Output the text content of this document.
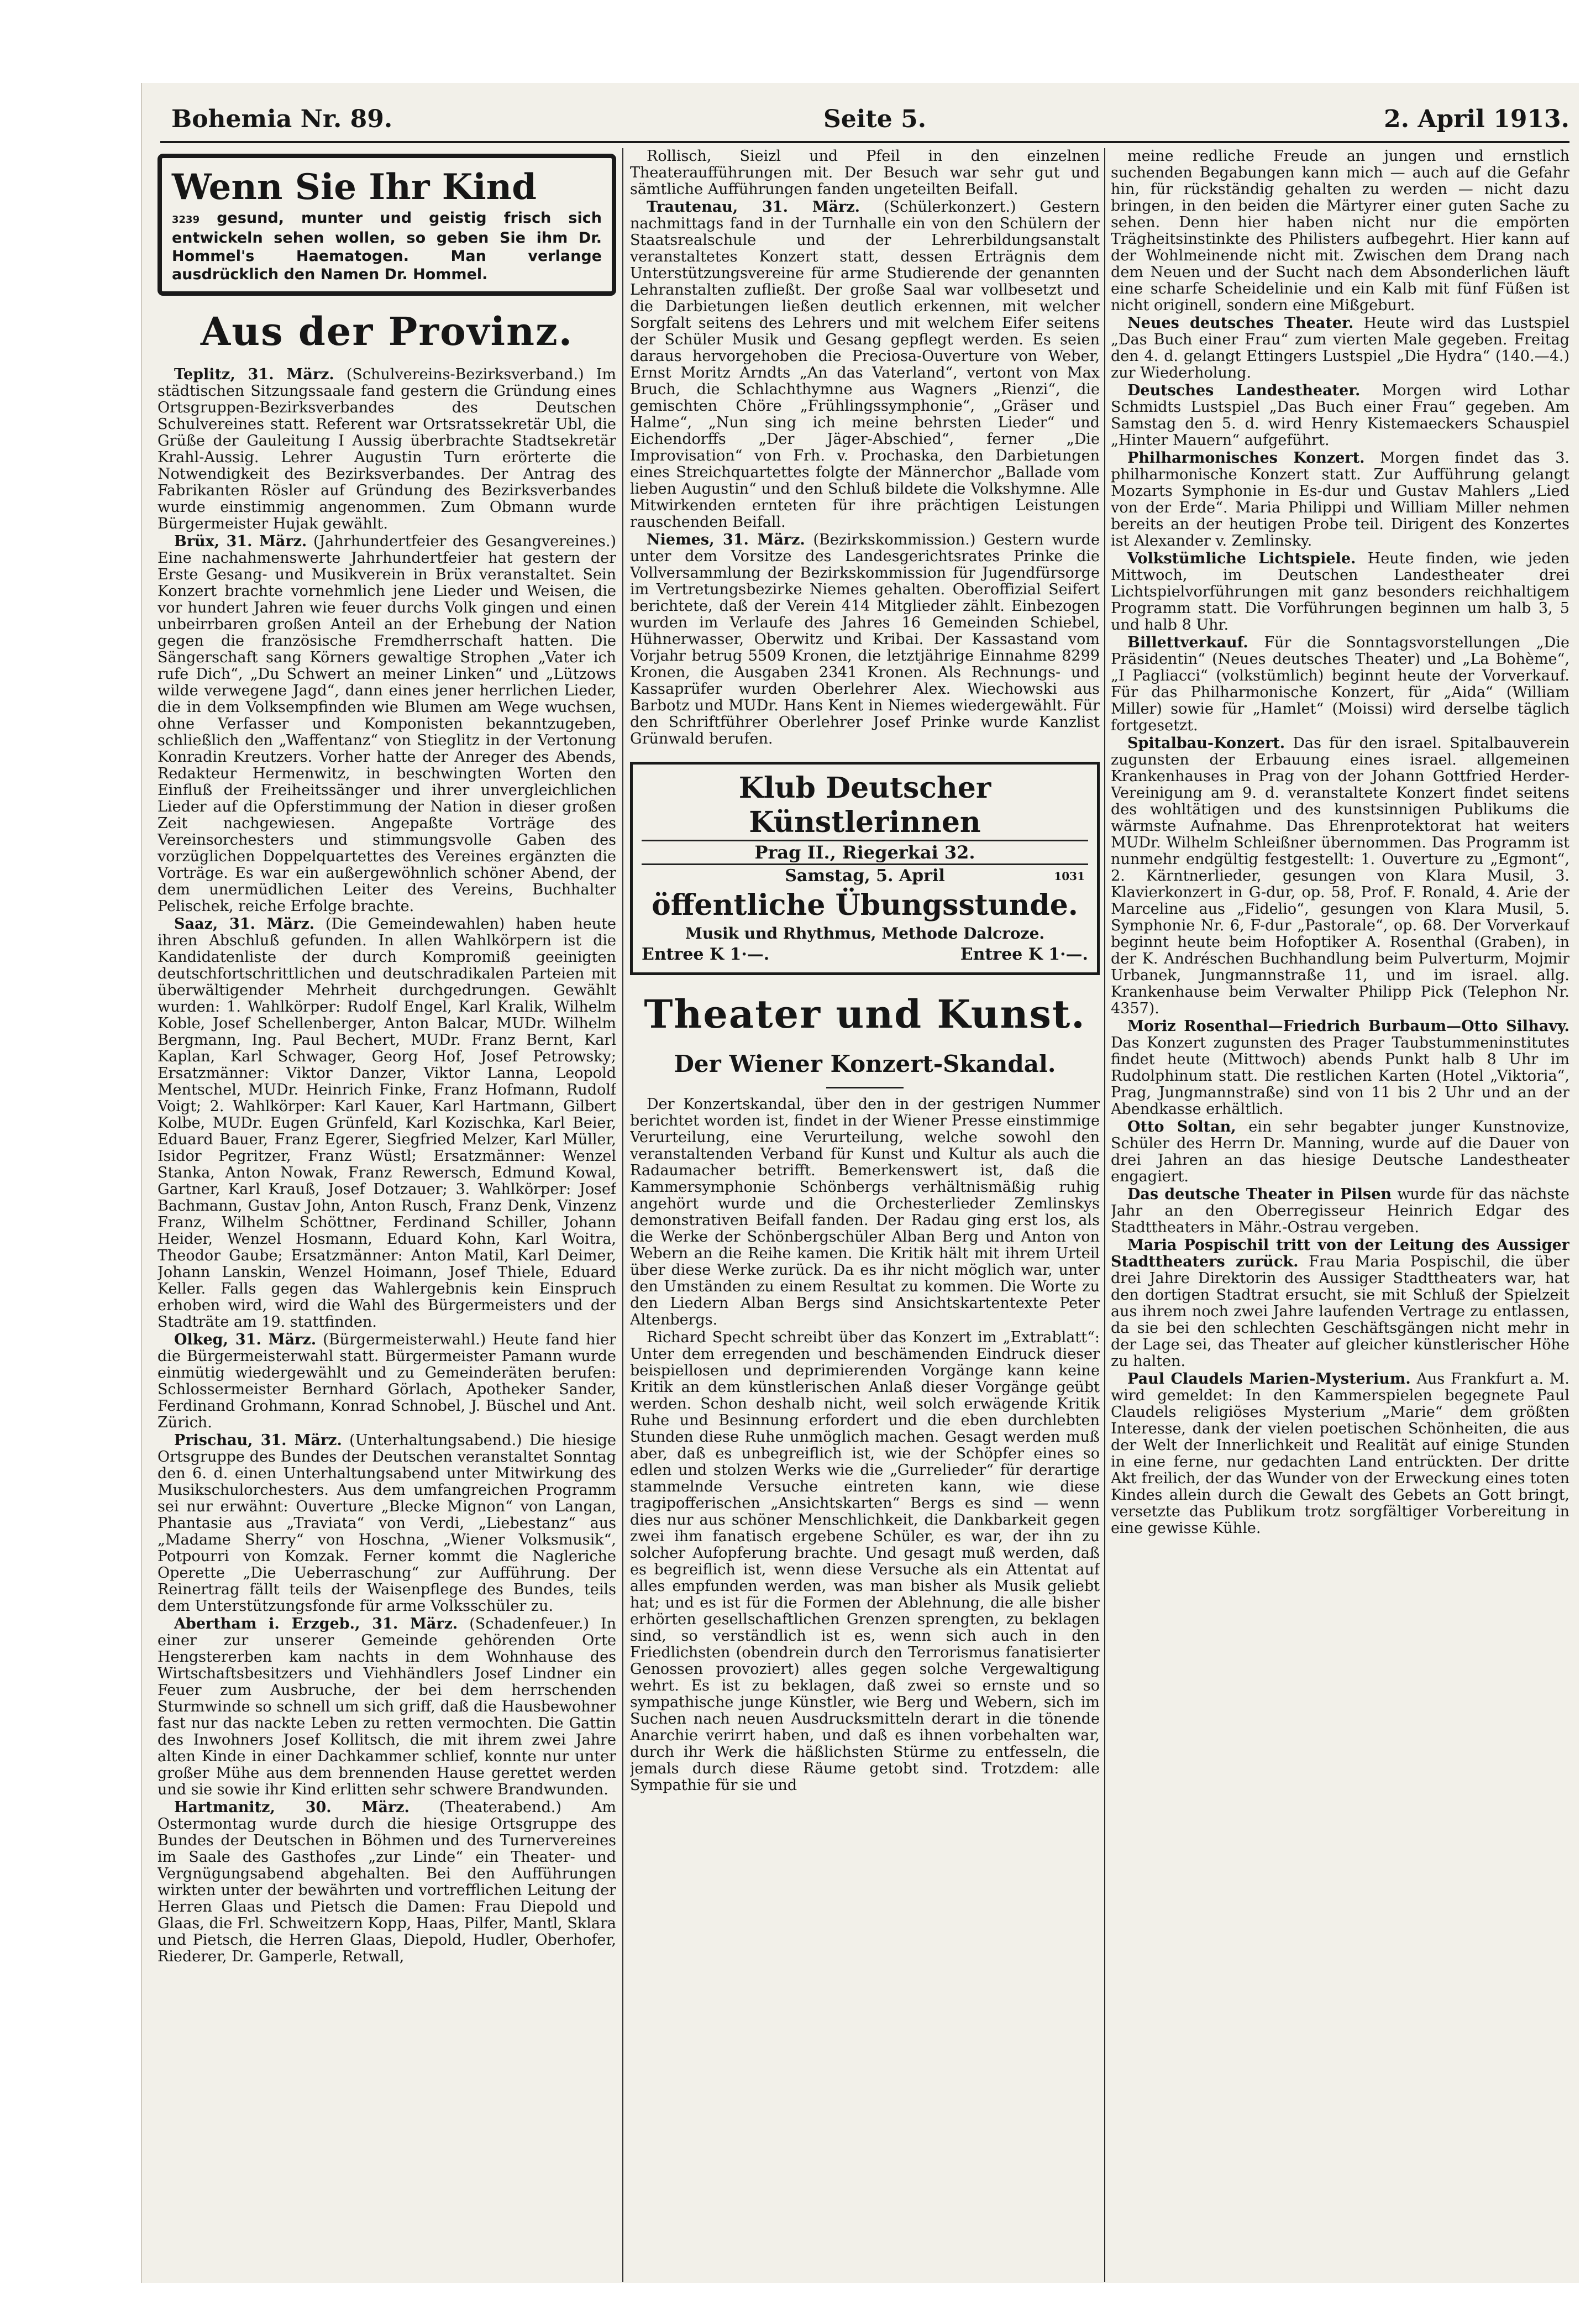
Bohemia Nr. 89.	Seite 5.	2. April 1913.
Wenn Sie Ihr Kind
3239 gesund, munter und geistig frisch sich entwickeln sehen wollen, so geben Sie ihm Dr. Hommel's Haematogen. Man verlange ausdrücklich den Namen Dr. Hommel.
Aus der Provinz.

Teplitz, 31. März. (Schulvereins-Bezirksverband.) Im städtischen Sitzungssaale fand gestern die Gründung eines Ortsgruppen-Bezirksverbandes des Deutschen Schulvereines statt. Referent war Ortsratssekretär Ubl, die Grüße der Gauleitung I Aussig überbrachte Stadtsekretär Krahl-Aussig. Lehrer Augustin Turn erörterte die Notwendigkeit des Bezirksverbandes. Der Antrag des Fabrikanten Rösler auf Gründung des Bezirksverbandes wurde einstimmig angenommen. Zum Obmann wurde Bürgermeister Hujak gewählt.

Brüx, 31. März. (Jahrhundertfeier des Gesangvereines.) Eine nachahmenswerte Jahrhundertfeier hat gestern der Erste Gesang- und Musikverein in Brüx veranstaltet. Sein Konzert brachte vornehmlich jene Lieder und Weisen, die vor hundert Jahren wie feuer durchs Volk gingen und einen unbeirrbaren großen Anteil an der Erhebung der Nation gegen die französische Fremdherrschaft hatten. Die Sängerschaft sang Körners gewaltige Strophen „Vater ich rufe Dich“, „Du Schwert an meiner Linken“ und „Lützows wilde verwegene Jagd“, dann eines jener herrlichen Lieder, die in dem Volksempfinden wie Blumen am Wege wuchsen, ohne Verfasser und Komponisten bekanntzugeben, schließlich den „Waffentanz“ von Stieglitz in der Vertonung Konradin Kreutzers. Vorher hatte der Anreger des Abends, Redakteur Hermenwitz, in beschwingten Worten den Einfluß der Freiheitssänger und ihrer unvergleichlichen Lieder auf die Opferstimmung der Nation in dieser großen Zeit nachgewiesen. Angepaßte Vorträge des Vereinsorchesters und stimmungsvolle Gaben des vorzüglichen Doppelquartettes des Vereines ergänzten die Vorträge. Es war ein außergewöhnlich schöner Abend, der dem unermüdlichen Leiter des Vereins, Buchhalter Pelischek, reiche Erfolge brachte.

Saaz, 31. März. (Die Gemeindewahlen) haben heute ihren Abschluß gefunden. In allen Wahlkörpern ist die Kandidatenliste der durch Kompromiß geeinigten deutschfortschrittlichen und deutschradikalen Parteien mit überwältigender Mehrheit durchgedrungen. Gewählt wurden: 1. Wahlkörper: Rudolf Engel, Karl Kralik, Wilhelm Koble, Josef Schellenberger, Anton Balcar, MUDr. Wilhelm Bergmann, Ing. Paul Bechert, MUDr. Franz Bernt, Karl Kaplan, Karl Schwager, Georg Hof, Josef Petrowsky; Ersatzmänner: Viktor Danzer, Viktor Lanna, Leopold Mentschel, MUDr. Heinrich Finke, Franz Hofmann, Rudolf Voigt; 2. Wahlkörper: Karl Kauer, Karl Hartmann, Gilbert Kolbe, MUDr. Eugen Grünfeld, Karl Kozischka, Karl Beier, Eduard Bauer, Franz Egerer, Siegfried Melzer, Karl Müller, Isidor Pegritzer, Franz Wüstl; Ersatzmänner: Wenzel Stanka, Anton Nowak, Franz Rewersch, Edmund Kowal, Gartner, Karl Krauß, Josef Dotzauer; 3. Wahlkörper: Josef Bachmann, Gustav John, Anton Rusch, Franz Denk, Vinzenz Franz, Wilhelm Schöttner, Ferdinand Schiller, Johann Heider, Wenzel Hosmann, Eduard Kohn, Karl Woitra, Theodor Gaube; Ersatzmänner: Anton Matil, Karl Deimer, Johann Lanskin, Wenzel Hoimann, Josef Thiele, Eduard Keller. Falls gegen das Wahlergebnis kein Einspruch erhoben wird, wird die Wahl des Bürgermeisters und der Stadträte am 19. stattfinden.

Olkeg, 31. März. (Bürgermeisterwahl.) Heute fand hier die Bürgermeisterwahl statt. Bürgermeister Pamann wurde einmütig wiedergewählt und zu Gemeinderäten berufen: Schlossermeister Bernhard Görlach, Apotheker Sander, Ferdinand Grohmann, Konrad Schnobel, J. Büschel und Ant. Zürich.

Prischau, 31. März. (Unterhaltungsabend.) Die hiesige Ortsgruppe des Bundes der Deutschen veranstaltet Sonntag den 6. d. einen Unterhaltungsabend unter Mitwirkung des Musikschulorchesters. Aus dem umfangreichen Programm sei nur erwähnt: Ouverture „Blecke Mignon“ von Langan, Phantasie aus „Traviata“ von Verdi, „Liebestanz“ aus „Madame Sherry“ von Hoschna, „Wiener Volksmusik“, Potpourri von Komzak. Ferner kommt die Nagleriche Operette „Die Ueberraschung“ zur Aufführung. Der Reinertrag fällt teils der Waisenpflege des Bundes, teils dem Unterstützungsfonde für arme Volksschüler zu.

Abertham i. Erzgeb., 31. März. (Schadenfeuer.) In einer zur unserer Gemeinde gehörenden Orte Hengstererben kam nachts in dem Wohnhause des Wirtschaftsbesitzers und Viehhändlers Josef Lindner ein Feuer zum Ausbruche, der bei dem herrschenden Sturmwinde so schnell um sich griff, daß die Hausbewohner fast nur das nackte Leben zu retten vermochten. Die Gattin des Inwohners Josef Kollitsch, die mit ihrem zwei Jahre alten Kinde in einer Dachkammer schlief, konnte nur unter großer Mühe aus dem brennenden Hause gerettet werden und sie sowie ihr Kind erlitten sehr schwere Brandwunden.

Hartmanitz, 30. März. (Theaterabend.) Am Ostermontag wurde durch die hiesige Ortsgruppe des Bundes der Deutschen in Böhmen und des Turnervereines im Saale des Gasthofes „zur Linde“ ein Theater- und Vergnügungsabend abgehalten. Bei den Aufführungen wirkten unter der bewährten und vortrefflichen Leitung der Herren Glaas und Pietsch die Damen: Frau Diepold und Glaas, die Frl. Schweitzern Kopp, Haas, Pilfer, Mantl, Sklara und Pietsch, die Herren Glaas, Diepold, Hudler, Oberhofer, Riederer, Dr. Gamperle, Retwall,

Rollisch, Sieizl und Pfeil in den einzelnen Theateraufführungen mit. Der Besuch war sehr gut und sämtliche Aufführungen fanden ungeteilten Beifall.

Trautenau, 31. März. (Schülerkonzert.) Gestern nachmittags fand in der Turnhalle ein von den Schülern der Staatsrealschule und der Lehrerbildungsanstalt veranstaltetes Konzert statt, dessen Erträgnis dem Unterstützungsvereine für arme Studierende der genannten Lehranstalten zufließt. Der große Saal war vollbesetzt und die Darbietungen ließen deutlich erkennen, mit welcher Sorgfalt seitens des Lehrers und mit welchem Eifer seitens der Schüler Musik und Gesang gepflegt werden. Es seien daraus hervorgehoben die Preciosa-Ouverture von Weber, Ernst Moritz Arndts „An das Vaterland“, vertont von Max Bruch, die Schlachthymne aus Wagners „Rienzi“, die gemischten Chöre „Frühlingssymphonie“, „Gräser und Halme“, „Nun sing ich meine behrsten Lieder“ und Eichendorffs „Der Jäger-Abschied“, ferner „Die Improvisation“ von Frh. v. Prochaska, den Darbietungen eines Streichquartettes folgte der Männerchor „Ballade vom lieben Augustin“ und den Schluß bildete die Volkshymne. Alle Mitwirkenden ernteten für ihre prächtigen Leistungen rauschenden Beifall.

Niemes, 31. März. (Bezirkskommission.) Gestern wurde unter dem Vorsitze des Landesgerichtsrates Prinke die Vollversammlung der Bezirkskommission für Jugendfürsorge im Vertretungsbezirke Niemes gehalten. Oberoffizial Seifert berichtete, daß der Verein 414 Mitglieder zählt. Einbezogen wurden im Verlaufe des Jahres 16 Gemeinden Schiebel, Hühnerwasser, Oberwitz und Kribai. Der Kassastand vom Vorjahr betrug 5509 Kronen, die letztjährige Einnahme 8299 Kronen, die Ausgaben 2341 Kronen. Als Rechnungs- und Kassaprüfer wurden Oberlehrer Alex. Wiechowski aus Barbotz und MUDr. Hans Kent in Niemes wiedergewählt. Für den Schriftführer Oberlehrer Josef Prinke wurde Kanzlist Grünwald berufen.

Klub Deutscher Künstlerinnen
Prag II., Riegerkai 32.
Samstag, 5. April	1031
öffentliche Übungsstunde.
Musik und Rhythmus, Methode Dalcroze.
Entree K 1·—.	Entree K 1·—.
Theater und Kunst.
Der Wiener Konzert-Skandal.

Der Konzertskandal, über den in der gestrigen Nummer berichtet worden ist, findet in der Wiener Presse einstimmige Verurteilung, eine Verurteilung, welche sowohl den veranstaltenden Verband für Kunst und Kultur als auch die Radaumacher betrifft. Bemerkenswert ist, daß die Kammersymphonie Schönbergs verhältnismäßig ruhig angehört wurde und die Orchesterlieder Zemlinskys demonstrativen Beifall fanden. Der Radau ging erst los, als die Werke der Schönbergschüler Alban Berg und Anton von Webern an die Reihe kamen. Die Kritik hält mit ihrem Urteil über diese Werke zurück. Da es ihr nicht möglich war, unter den Umständen zu einem Resultat zu kommen. Die Worte zu den Liedern Alban Bergs sind Ansichtskartentexte Peter Altenbergs.

Richard Specht schreibt über das Konzert im „Extrablatt“: Unter dem erregenden und beschämenden Eindruck dieser beispiellosen und deprimierenden Vorgänge kann keine Kritik an dem künstlerischen Anlaß dieser Vorgänge geübt werden. Schon deshalb nicht, weil solch erwägende Kritik Ruhe und Besinnung erfordert und die eben durchlebten Stunden diese Ruhe unmöglich machen. Gesagt werden muß aber, daß es unbegreiflich ist, wie der Schöpfer eines so edlen und stolzen Werks wie die „Gurrelieder“ für derartige stammelnde Versuche eintreten kann, wie diese tragipofferischen „Ansichtskarten“ Bergs es sind — wenn dies nur aus schöner Menschlichkeit, die Dankbarkeit gegen zwei ihm fanatisch ergebene Schüler, es war, der ihn zu solcher Aufopferung brachte. Und gesagt muß werden, daß es begreiflich ist, wenn diese Versuche als ein Attentat auf alles empfunden werden, was man bisher als Musik geliebt hat; und es ist für die Formen der Ablehnung, die alle bisher erhörten gesellschaftlichen Grenzen sprengten, zu beklagen sind, so verständlich ist es, wenn sich auch in den Friedlichsten (obendrein durch den Terrorismus fanatisierter Genossen provoziert) alles gegen solche Vergewaltigung wehrt. Es ist zu beklagen, daß zwei so ernste und so sympathische junge Künstler, wie Berg und Webern, sich im Suchen nach neuen Ausdrucksmitteln derart in die tönende Anarchie verirrt haben, und daß es ihnen vorbehalten war, durch ihr Werk die häßlichsten Stürme zu entfesseln, die jemals durch diese Räume getobt sind. Trotzdem: alle Sympathie für sie und

meine redliche Freude an jungen und ernstlich suchenden Begabungen kann mich — auch auf die Gefahr hin, für rückständig gehalten zu werden — nicht dazu bringen, in den beiden die Märtyrer einer guten Sache zu sehen. Denn hier haben nicht nur die empörten Trägheitsinstinkte des Philisters aufbegehrt. Hier kann auf der Wohlmeinende nicht mit. Zwischen dem Drang nach dem Neuen und der Sucht nach dem Absonderlichen läuft eine scharfe Scheidelinie und ein Kalb mit fünf Füßen ist nicht originell, sondern eine Mißgeburt.

Neues deutsches Theater. Heute wird das Lustspiel „Das Buch einer Frau“ zum vierten Male gegeben. Freitag den 4. d. gelangt Ettingers Lustspiel „Die Hydra“ (140.—4.) zur Wiederholung.

Deutsches Landestheater. Morgen wird Lothar Schmidts Lustspiel „Das Buch einer Frau“ gegeben. Am Samstag den 5. d. wird Henry Kistemaeckers Schauspiel „Hinter Mauern“ aufgeführt.

Philharmonisches Konzert. Morgen findet das 3. philharmonische Konzert statt. Zur Aufführung gelangt Mozarts Symphonie in Es-dur und Gustav Mahlers „Lied von der Erde“. Maria Philippi und William Miller nehmen bereits an der heutigen Probe teil. Dirigent des Konzertes ist Alexander v. Zemlinsky.

Volkstümliche Lichtspiele. Heute finden, wie jeden Mittwoch, im Deutschen Landestheater drei Lichtspielvorführungen mit ganz besonders reichhaltigem Programm statt. Die Vorführungen beginnen um halb 3, 5 und halb 8 Uhr.

Billettverkauf. Für die Sonntagsvorstellungen „Die Präsidentin“ (Neues deutsches Theater) und „La Bohème“, „I Pagliacci“ (volkstümlich) beginnt heute der Vorverkauf. Für das Philharmonische Konzert, für „Aida“ (William Miller) sowie für „Hamlet“ (Moissi) wird derselbe täglich fortgesetzt.

Spitalbau-Konzert. Das für den israel. Spitalbauverein zugunsten der Erbauung eines israel. allgemeinen Krankenhauses in Prag von der Johann Gottfried Herder-Vereinigung am 9. d. veranstaltete Konzert findet seitens des wohltätigen und des kunstsinnigen Publikums die wärmste Aufnahme. Das Ehrenprotektorat hat weiters MUDr. Wilhelm Schleißner übernommen. Das Programm ist nunmehr endgültig festgestellt: 1. Ouverture zu „Egmont“, 2. Kärntnerlieder, gesungen von Klara Musil, 3. Klavierkonzert in G-dur, op. 58, Prof. F. Ronald, 4. Arie der Marceline aus „Fidelio“, gesungen von Klara Musil, 5. Symphonie Nr. 6, F-dur „Pastorale“, op. 68. Der Vorverkauf beginnt heute beim Hofoptiker A. Rosenthal (Graben), in der K. Andréschen Buchhandlung beim Pulverturm, Mojmir Urbanek, Jungmannstraße 11, und im israel. allg. Krankenhause beim Verwalter Philipp Pick (Telephon Nr. 4357).

Moriz Rosenthal—Friedrich Burbaum—Otto Silhavy. Das Konzert zugunsten des Prager Taubstummeninstitutes findet heute (Mittwoch) abends Punkt halb 8 Uhr im Rudolphinum statt. Die restlichen Karten (Hotel „Viktoria“, Prag, Jungmannstraße) sind von 11 bis 2 Uhr und an der Abendkasse erhältlich.

Otto Soltan, ein sehr begabter junger Kunstnovize, Schüler des Herrn Dr. Manning, wurde auf die Dauer von drei Jahren an das hiesige Deutsche Landestheater engagiert.

Das deutsche Theater in Pilsen wurde für das nächste Jahr an den Oberregisseur Heinrich Edgar des Stadttheaters in Mähr.-Ostrau vergeben.

Maria Pospischil tritt von der Leitung des Aussiger Stadttheaters zurück. Frau Maria Pospischil, die über drei Jahre Direktorin des Aussiger Stadttheaters war, hat den dortigen Stadtrat ersucht, sie mit Schluß der Spielzeit aus ihrem noch zwei Jahre laufenden Vertrage zu entlassen, da sie bei den schlechten Geschäftsgängen nicht mehr in der Lage sei, das Theater auf gleicher künstlerischer Höhe zu halten.

Paul Claudels Marien-Mysterium. Aus Frankfurt a. M. wird gemeldet: In den Kammerspielen begegnete Paul Claudels religiöses Mysterium „Marie“ dem größten Interesse, dank der vielen poetischen Schönheiten, die aus der Welt der Innerlichkeit und Realität auf einige Stunden in eine ferne, nur gedachten Land entrückten. Der dritte Akt freilich, der das Wunder von der Erweckung eines toten Kindes allein durch die Gewalt des Gebets an Gott bringt, versetzte das Publikum trotz sorgfältiger Vorbereitung in eine gewisse Kühle.
